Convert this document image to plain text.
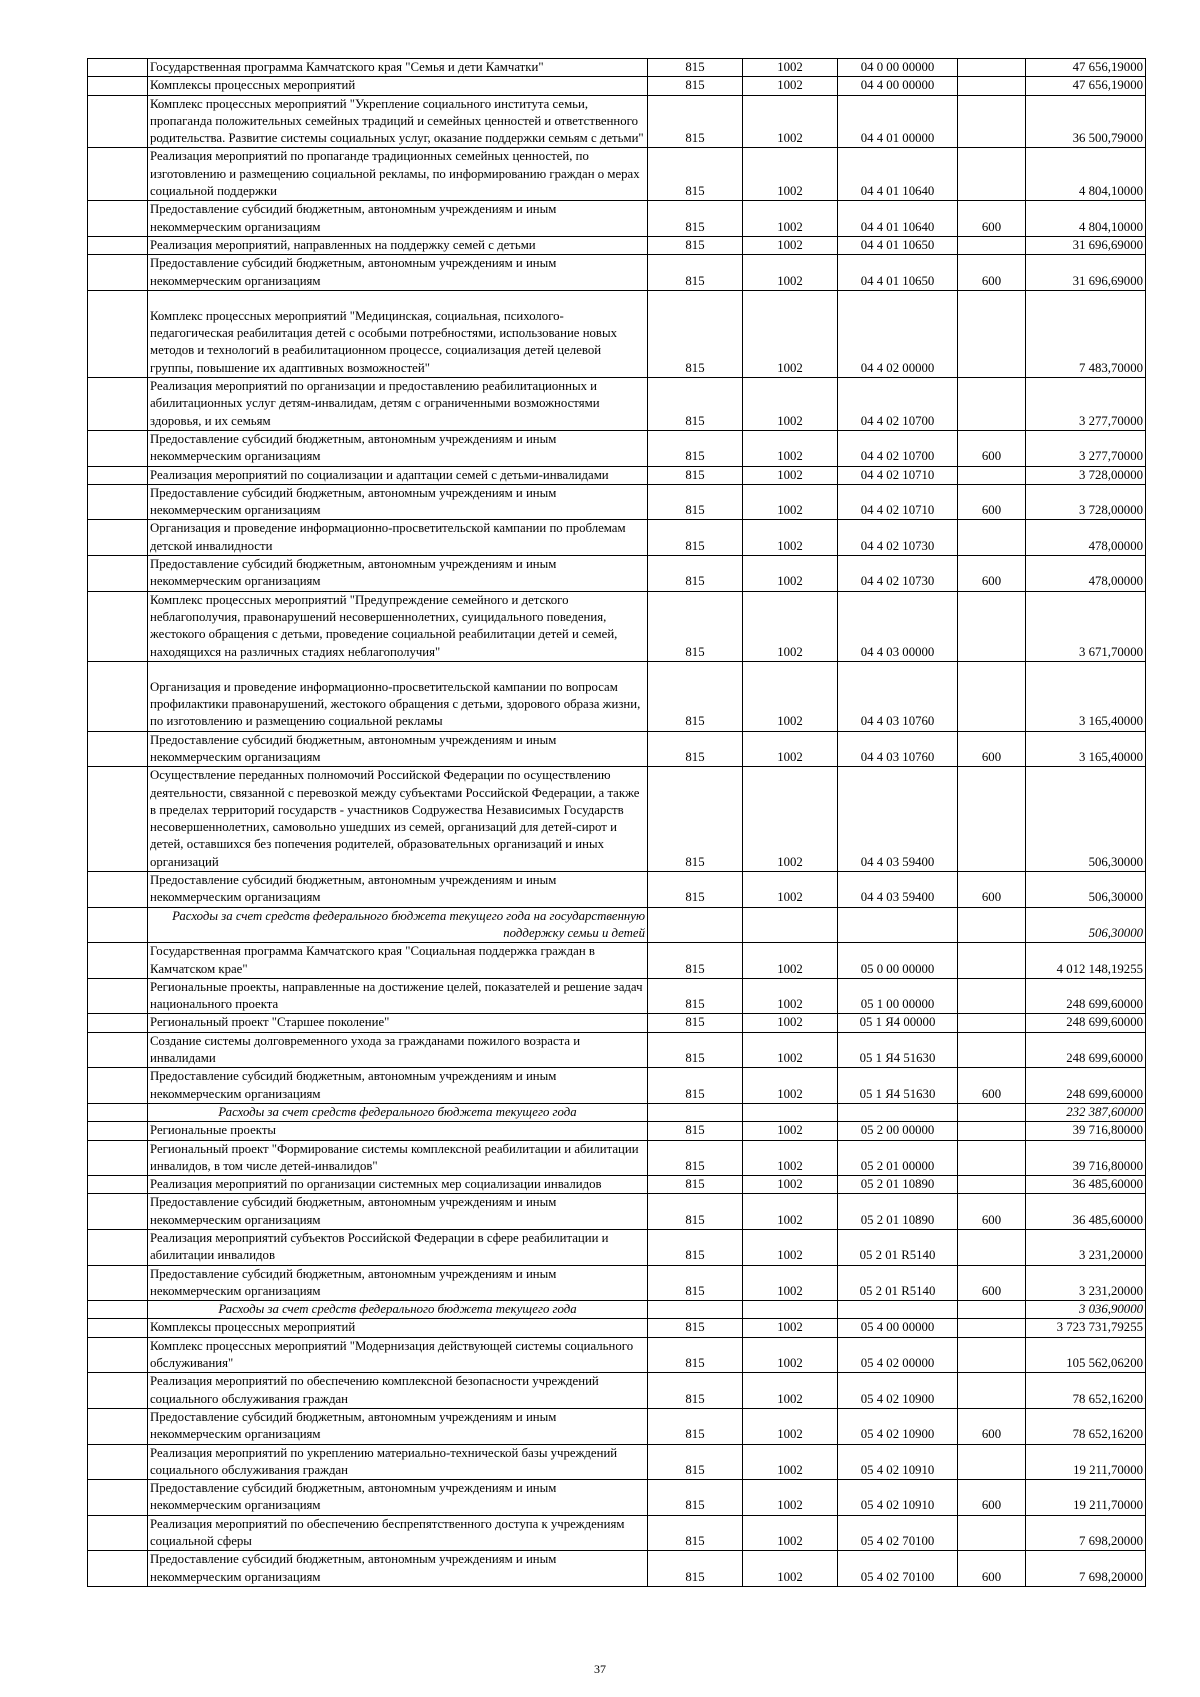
	Государственная программа Камчатского края "Семья и дети Камчатки"	815	1002	04 0 00 00000		47 656,19000
	Комплексы процессных мероприятий	815	1002	04 4 00 00000		47 656,19000
	Комплекс процессных мероприятий "Укрепление социального института семьи, пропаганда положительных семейных традиций и семейных ценностей и ответственного родительства. Развитие системы социальных услуг, оказание поддержки семьям с детьми"	815	1002	04 4 01 00000		36 500,79000
	Реализация мероприятий по пропаганде традиционных семейных ценностей, по изготовлению и размещению социальной рекламы, по информированию граждан о мерах социальной поддержки	815	1002	04 4 01 10640		4 804,10000
	Предоставление субсидий бюджетным, автономным учреждениям и иным некоммерческим организациям	815	1002	04 4 01 10640	600	4 804,10000
	Реализация мероприятий, направленных на поддержку семей с детьми	815	1002	04 4 01 10650		31 696,69000
	Предоставление субсидий бюджетным, автономным учреждениям и иным некоммерческим организациям	815	1002	04 4 01 10650	600	31 696,69000
	Комплекс процессных мероприятий "Медицинская, социальная, психолого-педагогическая реабилитация детей с особыми потребностями, использование новых методов и технологий в реабилитационном процессе, социализация детей целевой группы, повышение их адаптивных возможностей"	815	1002	04 4 02 00000		7 483,70000
	Реализация мероприятий по организации и предоставлению реабилитационных и абилитационных услуг детям-инвалидам, детям с ограниченными возможностями здоровья, и их семьям	815	1002	04 4 02 10700		3 277,70000
	Предоставление субсидий бюджетным, автономным учреждениям и иным некоммерческим организациям	815	1002	04 4 02 10700	600	3 277,70000
	Реализация мероприятий по социализации и адаптации семей с детьми-инвалидами	815	1002	04 4 02 10710		3 728,00000
	Предоставление субсидий бюджетным, автономным учреждениям и иным некоммерческим организациям	815	1002	04 4 02 10710	600	3 728,00000
	Организация и проведение информационно-просветительской кампании по проблемам детской инвалидности	815	1002	04 4 02 10730		478,00000
	Предоставление субсидий бюджетным, автономным учреждениям и иным некоммерческим организациям	815	1002	04 4 02 10730	600	478,00000
	Комплекс процессных мероприятий "Предупреждение семейного и детского неблагополучия, правонарушений несовершеннолетних, суицидального поведения, жестокого обращения с детьми, проведение социальной реабилитации детей и семей, находящихся на различных стадиях неблагополучия"	815	1002	04 4 03 00000		3 671,70000
	Организация и проведение информационно-просветительской кампании по вопросам профилактики правонарушений, жестокого обращения с детьми, здорового образа жизни, по изготовлению и размещению социальной рекламы	815	1002	04 4 03 10760		3 165,40000
	Предоставление субсидий бюджетным, автономным учреждениям и иным некоммерческим организациям	815	1002	04 4 03 10760	600	3 165,40000
	Осуществление переданных полномочий Российской Федерации по осуществлению деятельности, связанной с перевозкой между субъектами Российской Федерации, а также в пределах территорий государств - участников Содружества Независимых Государств несовершеннолетних, самовольно ушедших из семей, организаций для детей-сирот и детей, оставшихся без попечения родителей, образовательных организаций и иных организаций	815	1002	04 4 03 59400		506,30000
	Предоставление субсидий бюджетным, автономным учреждениям и иным некоммерческим организациям	815	1002	04 4 03 59400	600	506,30000
	Расходы за счет средств федерального бюджета текущего года на государственную поддержку семьи и детей					506,30000
	Государственная программа Камчатского края "Социальная поддержка граждан в Камчатском крае"	815	1002	05 0 00 00000		4 012 148,19255
	Региональные проекты, направленные на достижение целей, показателей и решение задач национального проекта	815	1002	05 1 00 00000		248 699,60000
	Региональный проект "Старшее поколение"	815	1002	05 1 Я4 00000		248 699,60000
	Создание системы долговременного ухода за гражданами пожилого возраста и инвалидами	815	1002	05 1 Я4 51630		248 699,60000
	Предоставление субсидий бюджетным, автономным учреждениям и иным некоммерческим организациям	815	1002	05 1 Я4 51630	600	248 699,60000
	Расходы за счет средств федерального бюджета текущего года					232 387,60000
	Региональные проекты	815	1002	05 2 00 00000		39 716,80000
	Региональный проект "Формирование системы комплексной реабилитации и абилитации инвалидов, в том числе детей-инвалидов"	815	1002	05 2 01 00000		39 716,80000
	Реализация мероприятий по организации системных мер социализации инвалидов	815	1002	05 2 01 10890		36 485,60000
	Предоставление субсидий бюджетным, автономным учреждениям и иным некоммерческим организациям	815	1002	05 2 01 10890	600	36 485,60000
	Реализация мероприятий субъектов Российской Федерации в сфере реабилитации и абилитации инвалидов	815	1002	05 2 01 R5140		3 231,20000
	Предоставление субсидий бюджетным, автономным учреждениям и иным некоммерческим организациям	815	1002	05 2 01 R5140	600	3 231,20000
	Расходы за счет средств федерального бюджета текущего года					3 036,90000
	Комплексы процессных мероприятий	815	1002	05 4 00 00000		3 723 731,79255
	Комплекс процессных мероприятий "Модернизация действующей системы социального обслуживания"	815	1002	05 4 02 00000		105 562,06200
	Реализация мероприятий по обеспечению комплексной безопасности учреждений социального обслуживания граждан	815	1002	05 4 02 10900		78 652,16200
	Предоставление субсидий бюджетным, автономным учреждениям и иным некоммерческим организациям	815	1002	05 4 02 10900	600	78 652,16200
	Реализация мероприятий по укреплению материально-технической базы учреждений социального обслуживания граждан	815	1002	05 4 02 10910		19 211,70000
	Предоставление субсидий бюджетным, автономным учреждениям и иным некоммерческим организациям	815	1002	05 4 02 10910	600	19 211,70000
	Реализация мероприятий по обеспечению беспрепятственного доступа к учреждениям социальной сферы	815	1002	05 4 02 70100		7 698,20000
	Предоставление субсидий бюджетным, автономным учреждениям и иным некоммерческим организациям	815	1002	05 4 02 70100	600	7 698,20000
37
